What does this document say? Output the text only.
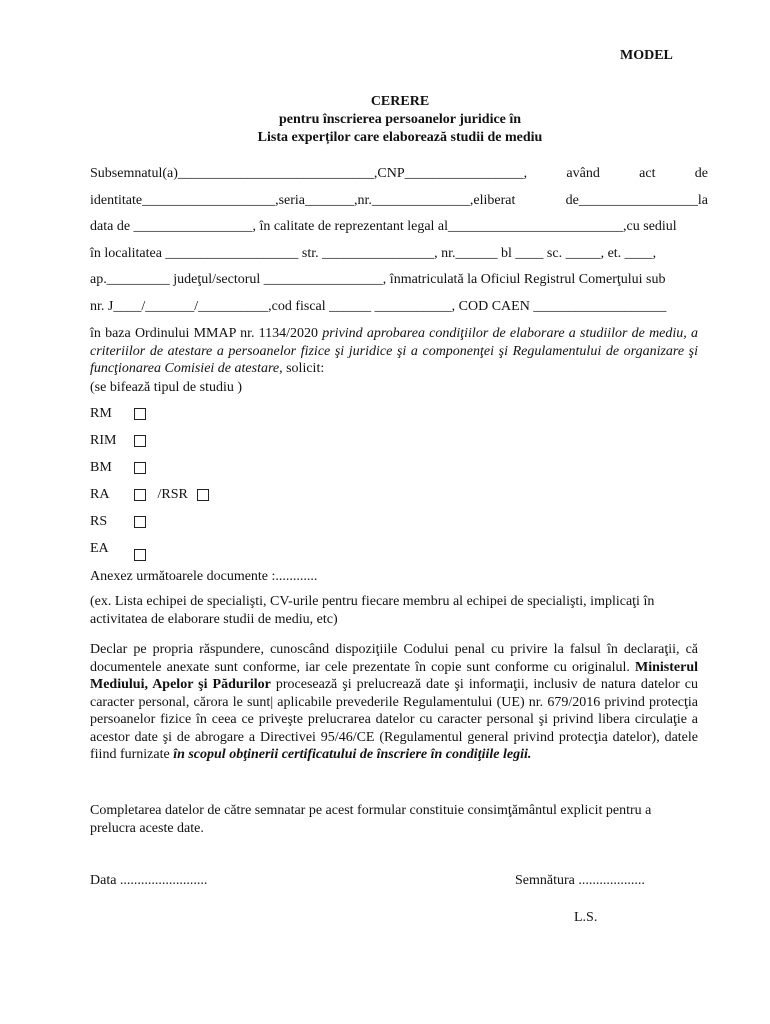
MODEL
CERERE
pentru înscrierea persoanelor juridice în
Lista experților care elaborează studii de mediu
Subsemnatul(a)____________________________,CNP_________________,	având	act	de
identitate___________________,seria_______,nr.______________,eliberat	de_________________la
data de _________________, în calitate de reprezentant legal al_________________________,cu sediul
în localitatea ___________________ str. ________________, nr.______ bl ____ sc. _____, et. ____,
ap._________ judeţul/sectorul _________________, înmatriculată la Oficiul Registrul Comerţului sub
nr. J____/_______/__________,cod fiscal ______ ___________, COD CAEN ___________________
în baza Ordinului MMAP nr. 1134/2020 privind aprobarea condiţiilor de elaborare a studiilor de mediu, a criteriilor de atestare a persoanelor fizice şi juridice şi a componenţei şi Regulamentului de organizare şi funcţionarea Comisiei de atestare, solicit:
(se bifează tipul de studiu )
RM
RIM
BM
RA	/RSR
RS
EA
Anexez următoarele documente :............
(ex. Lista echipei de specialişti, CV-urile pentru fiecare membru al echipei de specialişti, implicaţi în activitatea de elaborare studii de mediu, etc)
Declar pe propria răspundere, cunoscând dispoziţiile Codului penal cu privire la falsul în declaraţii, că documentele anexate sunt conforme, iar cele prezentate în copie sunt conforme cu originalul. Ministerul Mediului, Apelor şi Pădurilor procesează şi prelucrează date şi informaţii, inclusiv de natura datelor cu caracter personal, cărora le sunt| aplicabile prevederile Regulamentului (UE) nr. 679/2016 privind protecţia persoanelor fizice în ceea ce priveşte prelucrarea datelor cu caracter personal şi privind libera circulaţie a acestor date şi de abrogare a Directivei 95/46/CE (Regulamentul general privind protecţia datelor), datele fiind furnizate în scopul obţinerii certificatului de înscriere în condiţiile legii.
Completarea datelor de către semnatar pe acest formular constituie consimţământul explicit pentru a prelucra aceste date.
Data .........................	Semnătura ...................
L.S.
